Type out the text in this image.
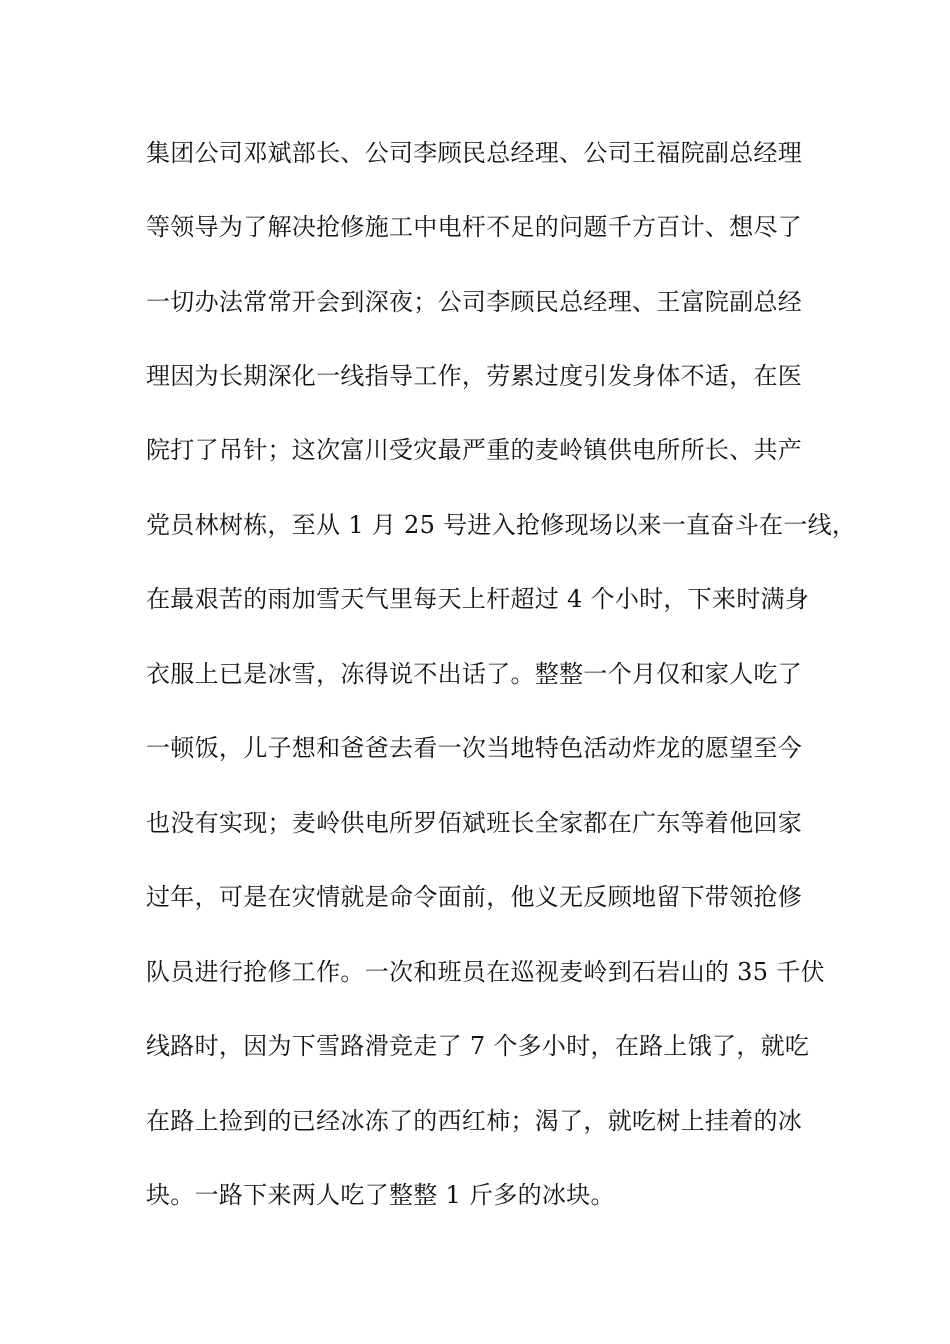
集团公司邓斌部长、公司李顾民总经理、公司王福院副总经理
等领导为了解决抢修施工中电杆不足的问题千方百计、想尽了
一切办法常常开会到深夜；公司李顾民总经理、王富院副总经
理因为长期深化一线指导工作，劳累过度引发身体不适，在医
院打了吊针；这次富川受灾最严重的麦岭镇供电所所长、共产
党员林树栋，至从 1 月 25 号进入抢修现场以来一直奋斗在一线，
在最艰苦的雨加雪天气里每天上杆超过 4 个小时，下来时满身
衣服上已是冰雪，冻得说不出话了。整整一个月仅和家人吃了
一顿饭，儿子想和爸爸去看一次当地特色活动炸龙的愿望至今
也没有实现；麦岭供电所罗佰斌班长全家都在广东等着他回家
过年，可是在灾情就是命令面前，他义无反顾地留下带领抢修
队员进行抢修工作。一次和班员在巡视麦岭到石岩山的 35 千伏
线路时，因为下雪路滑竞走了 7 个多小时，在路上饿了，就吃
在路上捡到的已经冰冻了的西红柿；渴了，就吃树上挂着的冰
块。一路下来两人吃了整整 1 斤多的冰块。
